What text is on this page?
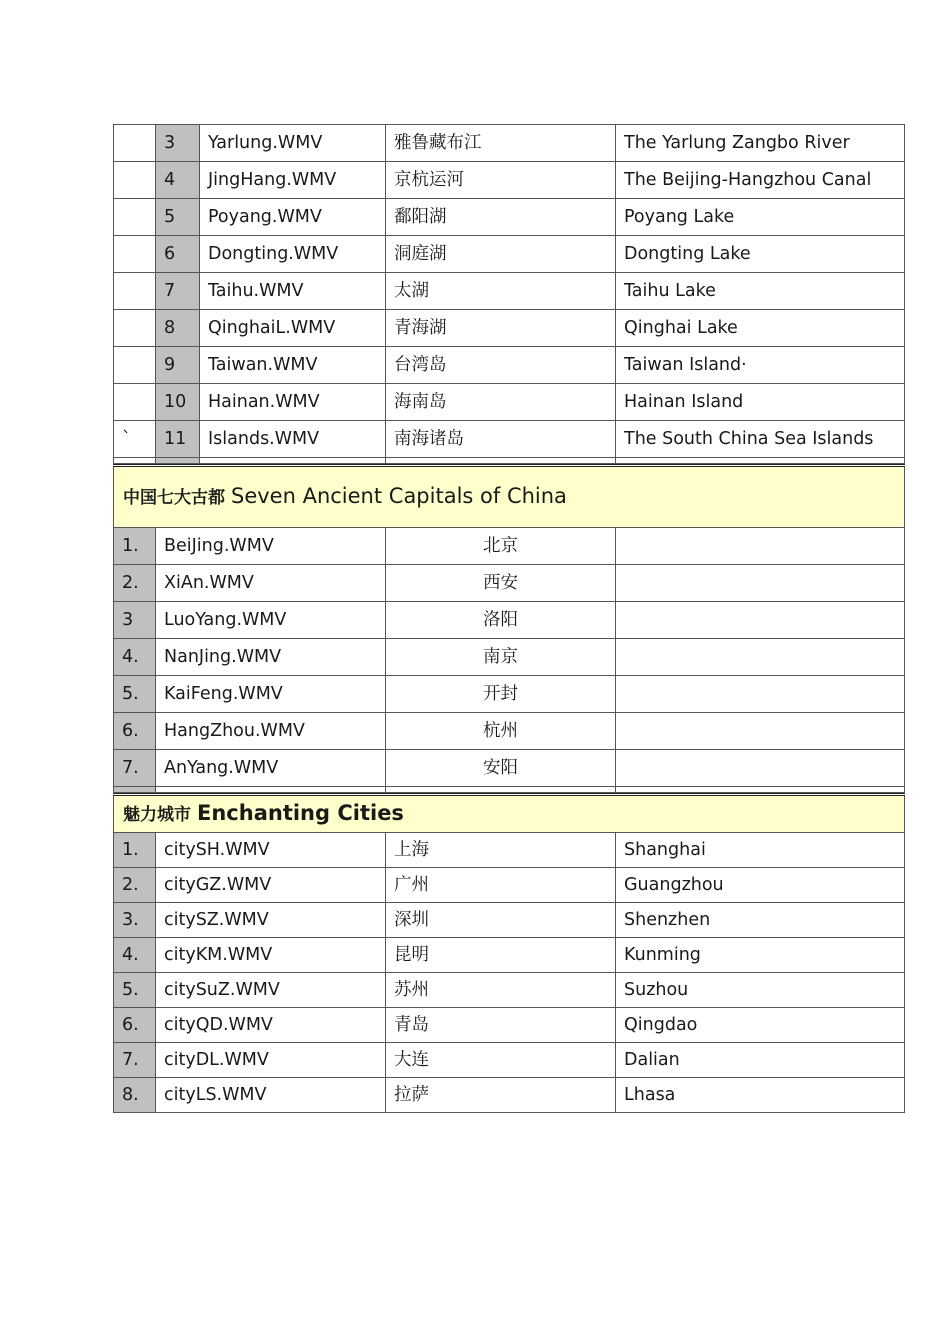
	3	Yarlung.WMV	雅鲁藏布江	The Yarlung Zangbo River
	4	JingHang.WMV	京杭运河	The Beijing-Hangzhou Canal
	5	Poyang.WMV	鄱阳湖	Poyang Lake
	6	Dongting.WMV	洞庭湖	Dongting Lake
	7	Taihu.WMV	太湖	Taihu Lake
	8	QinghaiL.WMV	青海湖	Qinghai Lake
	9	Taiwan.WMV	台湾岛	Taiwan Island·
	10	Hainan.WMV	海南岛	Hainan Island
`	11	Islands.WMV	南海诸岛	The South China Sea Islands

中国七大古都 Seven Ancient Capitals of China			
1.	BeiJing.WMV	北京	
2.	XiAn.WMV	西安	
3	LuoYang.WMV	洛阳	
4.	NanJing.WMV	南京	
5.	KaiFeng.WMV	开封	
6.	HangZhou.WMV	杭州	
7.	AnYang.WMV	安阳	

魅力城市 Enchanting Cities			
1.	citySH.WMV	上海	Shanghai
2.	cityGZ.WMV	广州	Guangzhou
3.	citySZ.WMV	深圳	Shenzhen
4.	cityKM.WMV	昆明	Kunming
5.	citySuZ.WMV	苏州	Suzhou
6.	cityQD.WMV	青岛	Qingdao
7.	cityDL.WMV	大连	Dalian
8.	cityLS.WMV	拉萨	Lhasa
